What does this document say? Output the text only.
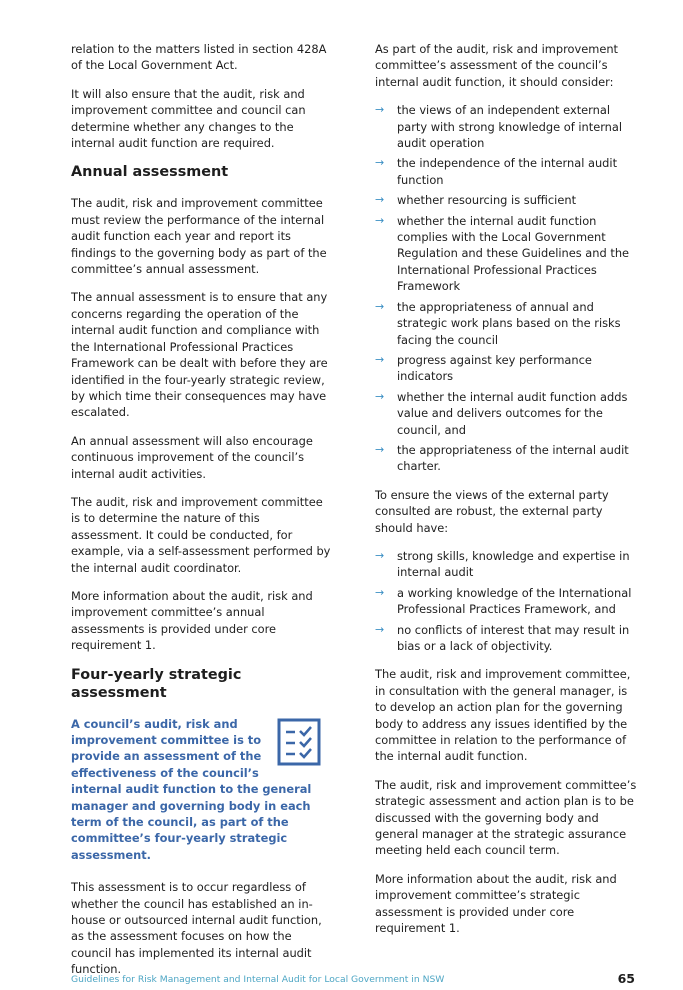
relation to the matters listed in section 428A of the Local Government Act.

It will also ensure that the audit, risk and improvement committee and council can determine whether any changes to the internal audit function are required.

Annual assessment

The audit, risk and improvement committee must review the performance of the internal audit function each year and report its findings to the governing body as part of the committee’s annual assessment.

The annual assessment is to ensure that any concerns regarding the operation of the internal audit function and compliance with the International Professional Practices Framework can be dealt with before they are identified in the four-yearly strategic review, by which time their consequences may have escalated.

An annual assessment will also encourage continuous improvement of the council’s internal audit activities.

The audit, risk and improvement committee is to determine the nature of this assessment. It could be conducted, for example, via a self-assessment performed by the internal audit coordinator.

More information about the audit, risk and improvement committee’s annual assessments is provided under core requirement 1.

Four-yearly strategic assessment
A council’s audit, risk and improvement committee is to provide an assessment of the effectiveness of the council’s internal audit function to the general manager and governing body in each term of the council, as part of the committee’s four-yearly strategic assessment.

This assessment is to occur regardless of whether the council has established an in-house or outsourced internal audit function, as the assessment focuses on how the council has implemented its internal audit function.

As part of the audit, risk and improvement committee’s assessment of the council’s internal audit function, it should consider:

→ the views of an independent external party with strong knowledge of internal audit operation
→ the independence of the internal audit function
→ whether resourcing is sufficient
→ whether the internal audit function complies with the Local Government Regulation and these Guidelines and the International Professional Practices Framework
→ the appropriateness of annual and strategic work plans based on the risks facing the council
→ progress against key performance indicators
→ whether the internal audit function adds value and delivers outcomes for the council, and
→ the appropriateness of the internal audit charter.

To ensure the views of the external party consulted are robust, the external party should have:

→ strong skills, knowledge and expertise in internal audit
→ a working knowledge of the International Professional Practices Framework, and
→ no conflicts of interest that may result in bias or a lack of objectivity.

The audit, risk and improvement committee, in consultation with the general manager, is to develop an action plan for the governing body to address any issues identified by the committee in relation to the performance of the internal audit function.

The audit, risk and improvement committee’s strategic assessment and action plan is to be discussed with the governing body and general manager at the strategic assurance meeting held each council term.

More information about the audit, risk and improvement committee’s strategic assessment is provided under core requirement 1.

Guidelines for Risk Management and Internal Audit for Local Government in NSW	65
